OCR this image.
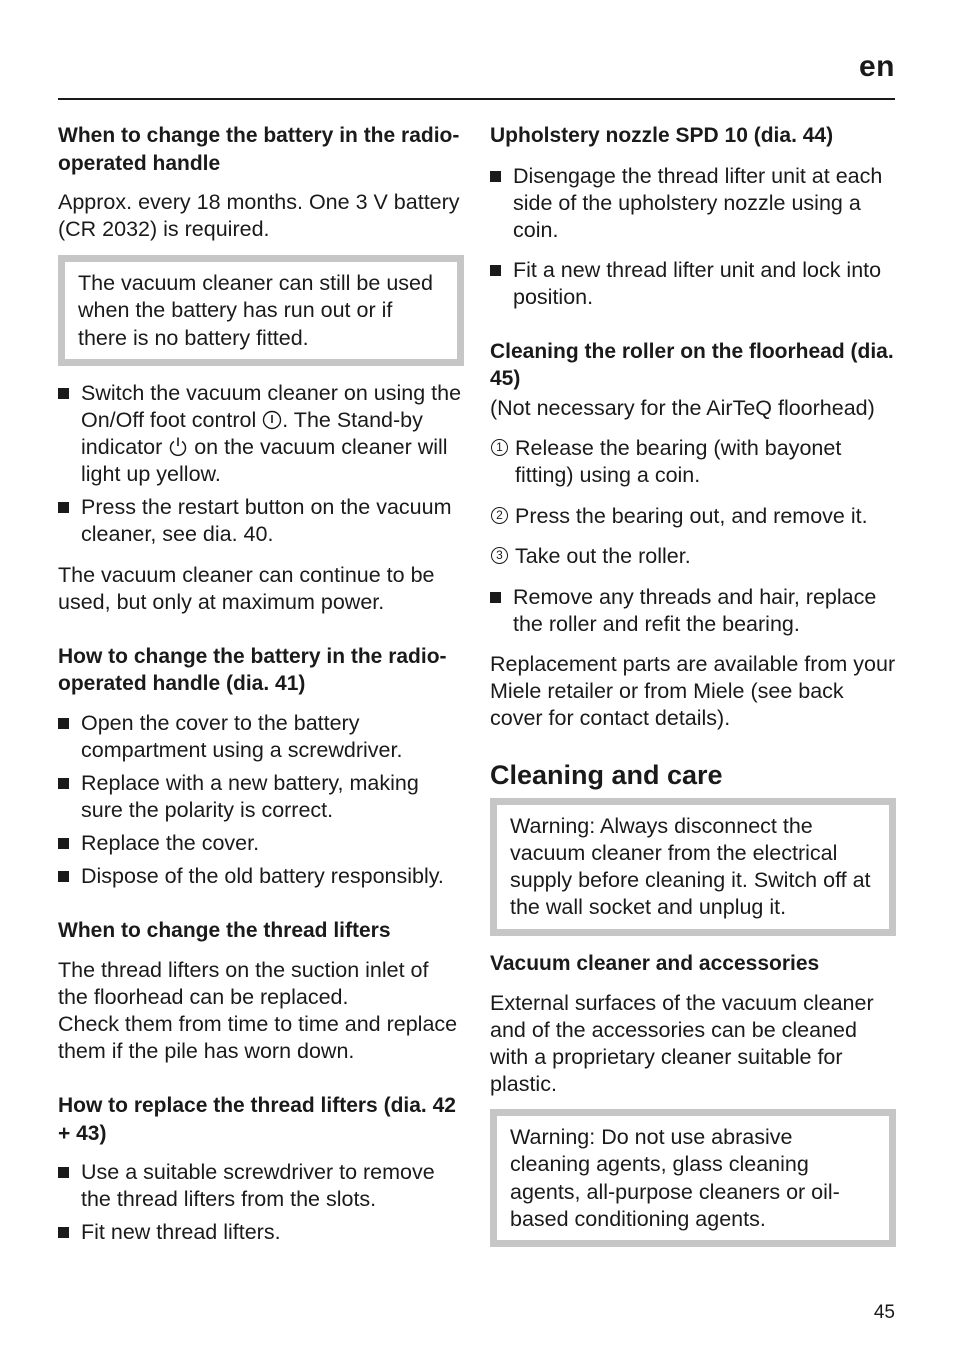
en

When to change the battery in the radio-operated handle

Approx. every 18 months. One 3 V battery (CR 2032) is required.

The vacuum cleaner can still be used when the battery has run out or if there is no battery fitted.
Switch the vacuum cleaner on using the On/Off foot control . The Stand-by indicator  on the vacuum cleaner will light up yellow.
Press the restart button on the vacuum cleaner, see dia. 40.

The vacuum cleaner can continue to be used, but only at maximum power.

How to change the battery in the radio-operated handle (dia. 41)

Open the cover to the battery compartment using a screwdriver.
Replace with a new battery, making sure the polarity is correct.
Replace the cover.
Dispose of the old battery responsibly.

When to change the thread lifters

The thread lifters on the suction inlet of the floorhead can be replaced.

Check them from time to time and replace them if the pile has worn down.

How to replace the thread lifters (dia. 42 + 43)

Use a suitable screwdriver to remove the thread lifters from the slots.
Fit new thread lifters.

Upholstery nozzle SPD 10 (dia. 44)

Disengage the thread lifter unit at each side of the upholstery nozzle using a coin.
Fit a new thread lifter unit and lock into position.

Cleaning the roller on the floorhead (dia. 45)

(Not necessary for the AirTeQ floorhead)

1 Release the bearing (with bayonet fitting) using a coin.
2 Press the bearing out, and remove it.
3 Take out the roller.
Remove any threads and hair, replace the roller and refit the bearing.

Replacement parts are available from your Miele retailer or from Miele (see back cover for contact details).

Cleaning and care

Warning: Always disconnect the vacuum cleaner from the electrical supply before cleaning it. Switch off at the wall socket and unplug it.

Vacuum cleaner and accessories

External surfaces of the vacuum cleaner and of the accessories can be cleaned with a proprietary cleaner suitable for plastic.

Warning: Do not use abrasive cleaning agents, glass cleaning agents, all-purpose cleaners or oil-based conditioning agents.
45
